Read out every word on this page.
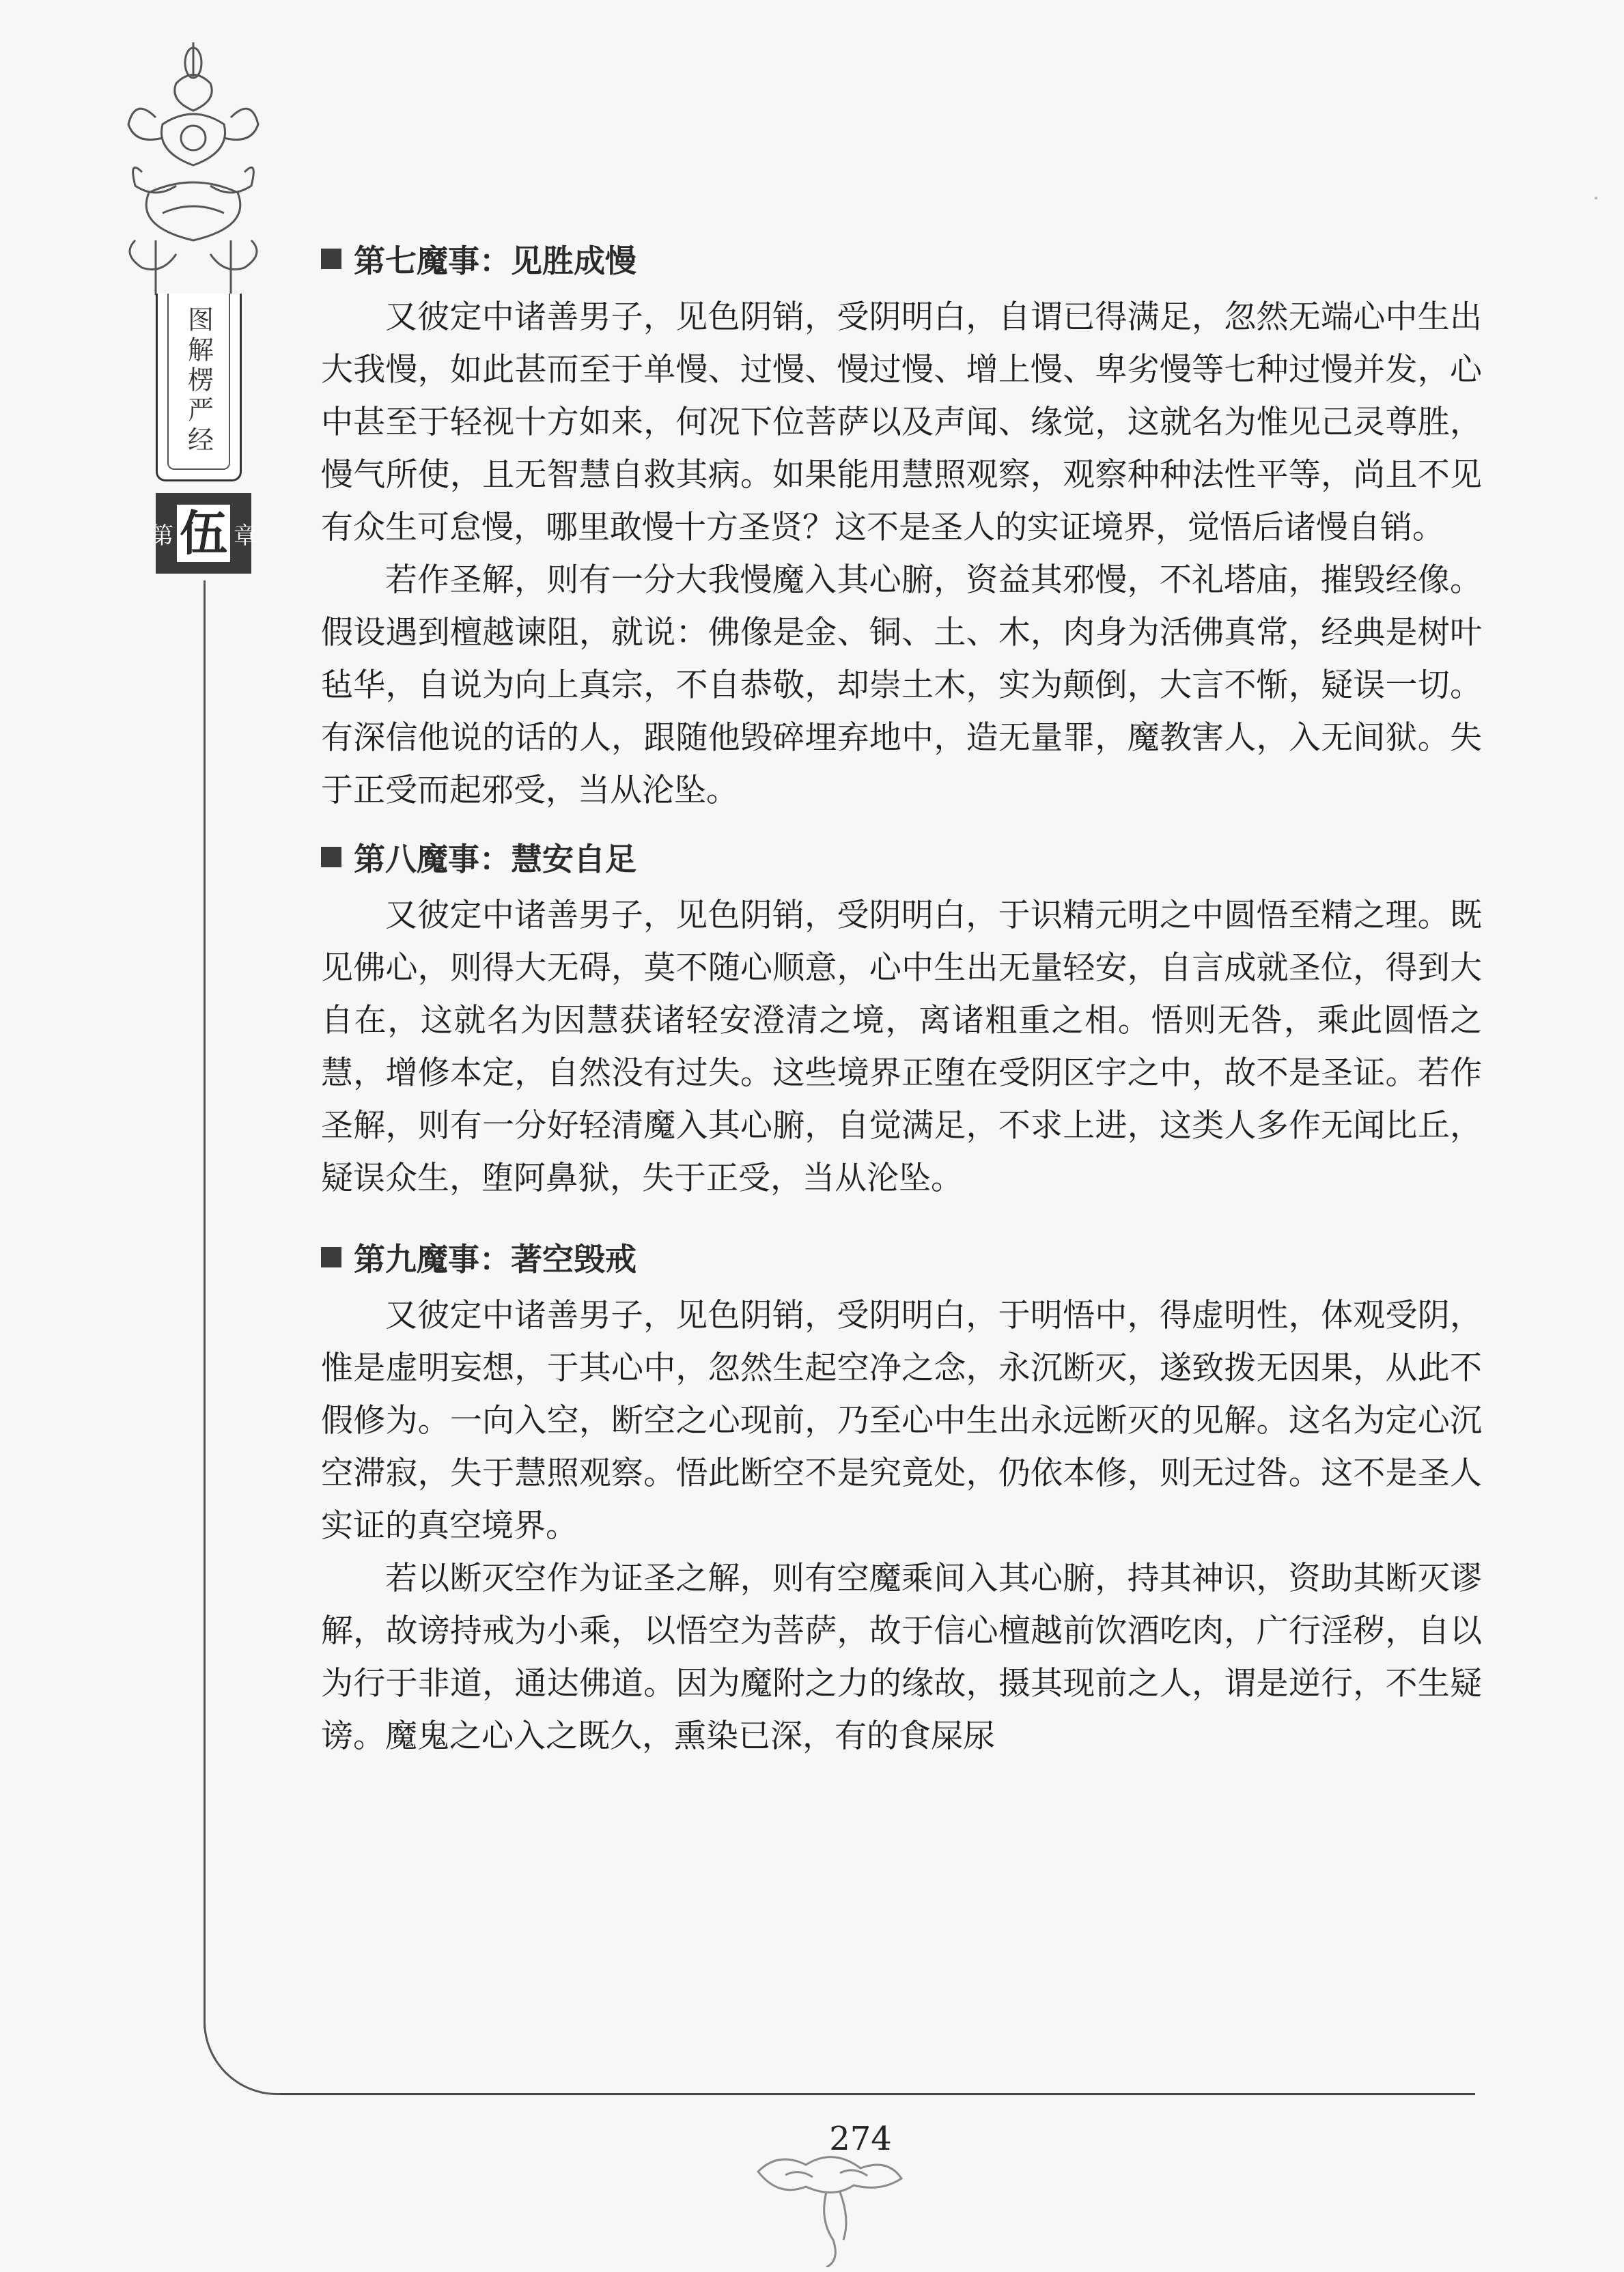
图解楞严经
第 伍 章
第七魔事：见胜成慢

又彼定中诸善男子，见色阴销，受阴明白，自谓已得满足，忽然无端心中生出大我慢，如此甚而至于单慢、过慢、慢过慢、增上慢、卑劣慢等七种过慢并发，心中甚至于轻视十方如来，何况下位菩萨以及声闻、缘觉，这就名为惟见己灵尊胜，慢气所使，且无智慧自救其病。如果能用慧照观察，观察种种法性平等，尚且不见有众生可怠慢，哪里敢慢十方圣贤？这不是圣人的实证境界，觉悟后诸慢自销。

若作圣解，则有一分大我慢魔入其心腑，资益其邪慢，不礼塔庙，摧毁经像。假设遇到檀越谏阻，就说：佛像是金、铜、土、木，肉身为活佛真常，经典是树叶毡华，自说为向上真宗，不自恭敬，却崇土木，实为颠倒，大言不惭，疑误一切。有深信他说的话的人，跟随他毁碎埋弃地中，造无量罪，魔教害人，入无间狱。失于正受而起邪受，当从沦坠。

第八魔事：慧安自足

又彼定中诸善男子，见色阴销，受阴明白，于识精元明之中圆悟至精之理。既见佛心，则得大无碍，莫不随心顺意，心中生出无量轻安，自言成就圣位，得到大自在，这就名为因慧获诸轻安澄清之境，离诸粗重之相。悟则无咎，乘此圆悟之慧，增修本定，自然没有过失。这些境界正堕在受阴区宇之中，故不是圣证。若作圣解，则有一分好轻清魔入其心腑，自觉满足，不求上进，这类人多作无闻比丘，疑误众生，堕阿鼻狱，失于正受，当从沦坠。

第九魔事：著空毁戒

又彼定中诸善男子，见色阴销，受阴明白，于明悟中，得虚明性，体观受阴，惟是虚明妄想，于其心中，忽然生起空净之念，永沉断灭，遂致拨无因果，从此不假修为。一向入空，断空之心现前，乃至心中生出永远断灭的见解。这名为定心沉空滞寂，失于慧照观察。悟此断空不是究竟处，仍依本修，则无过咎。这不是圣人实证的真空境界。

若以断灭空作为证圣之解，则有空魔乘间入其心腑，持其神识，资助其断灭谬解，故谤持戒为小乘，以悟空为菩萨，故于信心檀越前饮酒吃肉，广行淫秽，自以为行于非道，通达佛道。因为魔附之力的缘故，摄其现前之人，谓是逆行，不生疑谤。魔鬼之心入之既久，熏染已深，有的食屎尿

274
